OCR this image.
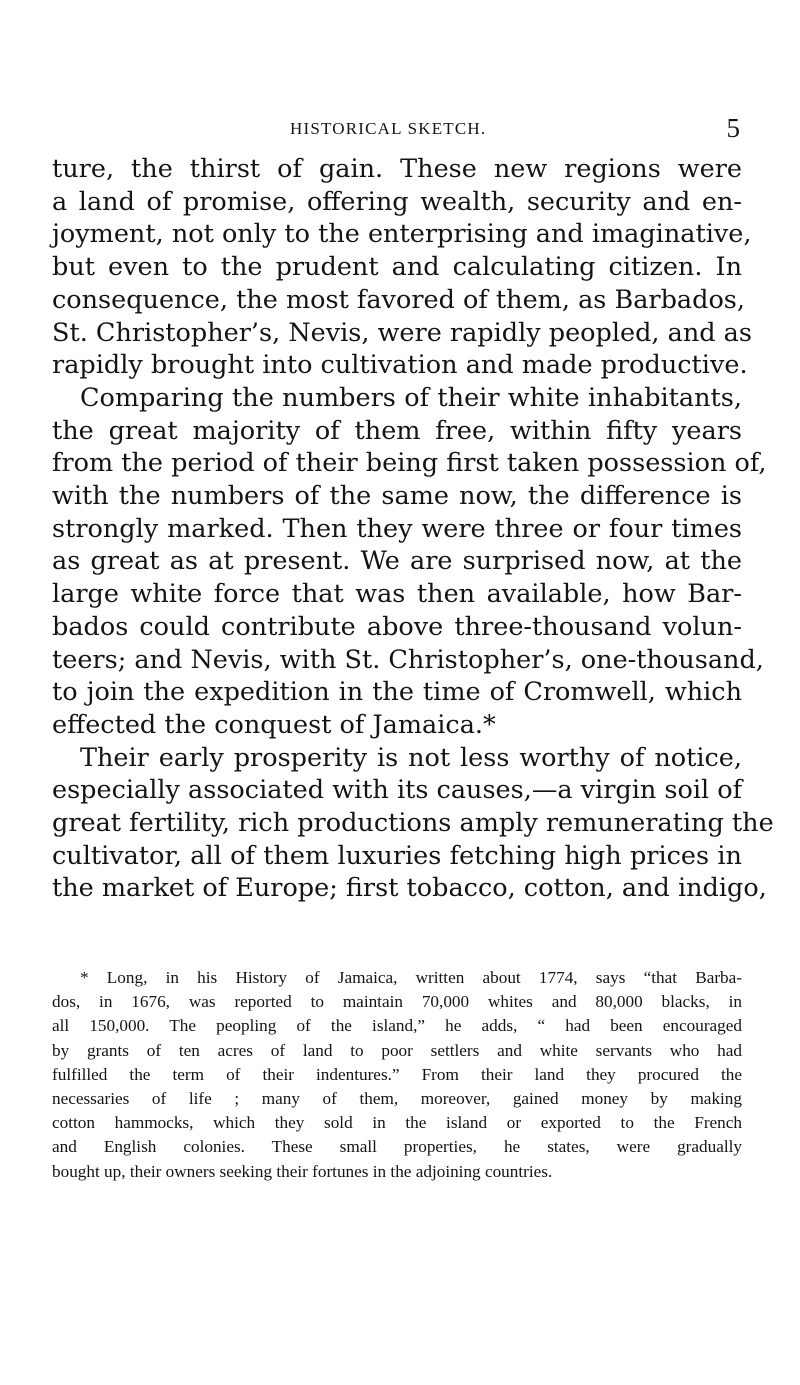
HISTORICAL SKETCH.	5
ture, the thirst of gain. These new regions were
a land of promise, offering wealth, security and en-
joyment, not only to the enterprising and imaginative,
but even to the prudent and calculating citizen. In
consequence, the most favored of them, as Barbados,
St. Christopher’s, Nevis, were rapidly peopled, and as
rapidly brought into cultivation and made productive.
Comparing the numbers of their white inhabitants,
the great majority of them free, within fifty years
from the period of their being first taken possession of,
with the numbers of the same now, the difference is
strongly marked. Then they were three or four times
as great as at present. We are surprised now, at the
large white force that was then available, how Bar-
bados could contribute above three-thousand volun-
teers; and Nevis, with St. Christopher’s, one-thousand,
to join the expedition in the time of Cromwell, which
effected the conquest of Jamaica.*
Their early prosperity is not less worthy of notice,
especially associated with its causes,—a virgin soil of
great fertility, rich productions amply remunerating the
cultivator, all of them luxuries fetching high prices in
the market of Europe; first tobacco, cotton, and indigo,
* Long, in his History of Jamaica, written about 1774, says “that Barba-
dos, in 1676, was reported to maintain 70,000 whites and 80,000 blacks, in
all 150,000. The peopling of the island,” he adds, “ had been encouraged
by grants of ten acres of land to poor settlers and white servants who had
fulfilled the term of their indentures.” From their land they procured the
necessaries of life ; many of them, moreover, gained money by making
cotton hammocks, which they sold in the island or exported to the French
and English colonies. These small properties, he states, were gradually
bought up, their owners seeking their fortunes in the adjoining countries.
